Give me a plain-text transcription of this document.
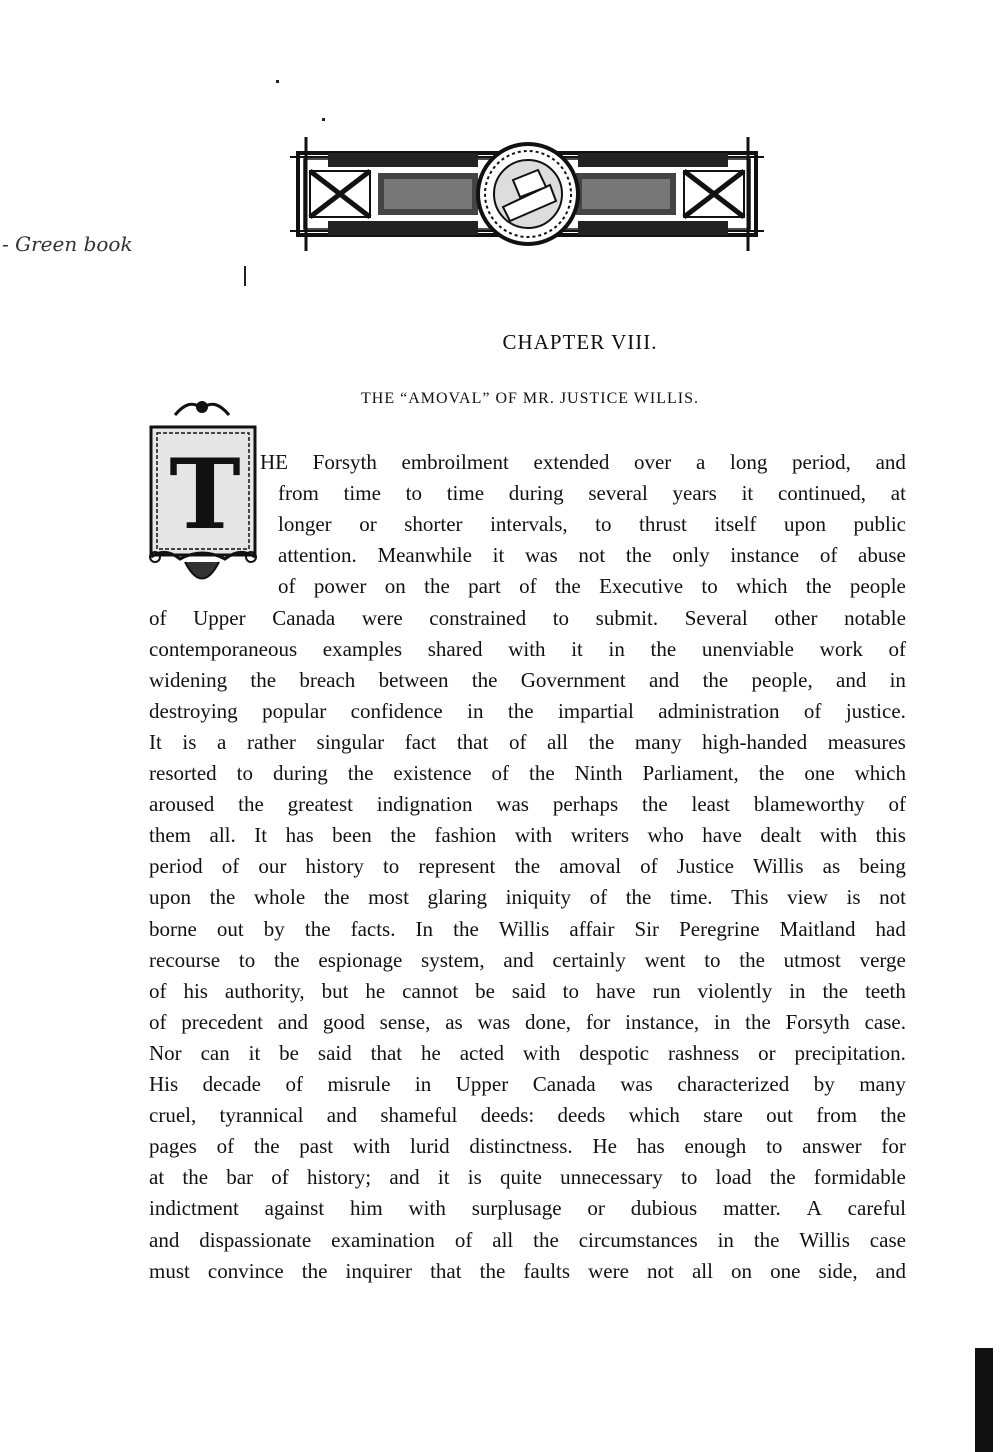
- Green book
CHAPTER VIII.
THE “AMOVAL” OF MR. JUSTICE WILLIS.
T HE Forsyth embroilment extended over a long period, and
from time to time during several years it continued, at
longer or shorter intervals, to thrust itself upon public
attention. Meanwhile it was not the only instance of abuse
of power on the part of the Executive to which the people
of Upper Canada were constrained to submit. Several other notable
contemporaneous examples shared with it in the unenviable work of
widening the breach between the Government and the people, and in
destroying popular confidence in the impartial administration of justice.
It is a rather singular fact that of all the many high-handed measures
resorted to during the existence of the Ninth Parliament, the one which
aroused the greatest indignation was perhaps the least blameworthy of
them all. It has been the fashion with writers who have dealt with this
period of our history to represent the amoval of Justice Willis as being
upon the whole the most glaring iniquity of the time. This view is not
borne out by the facts. In the Willis affair Sir Peregrine Maitland had
recourse to the espionage system, and certainly went to the utmost verge
of his authority, but he cannot be said to have run violently in the teeth
of precedent and good sense, as was done, for instance, in the Forsyth case.
Nor can it be said that he acted with despotic rashness or precipitation.
His decade of misrule in Upper Canada was characterized by many
cruel, tyrannical and shameful deeds: deeds which stare out from the
pages of the past with lurid distinctness. He has enough to answer for
at the bar of history; and it is quite unnecessary to load the formidable
indictment against him with surplusage or dubious matter. A careful
and dispassionate examination of all the circumstances in the Willis case
must convince the inquirer that the faults were not all on one side, and
